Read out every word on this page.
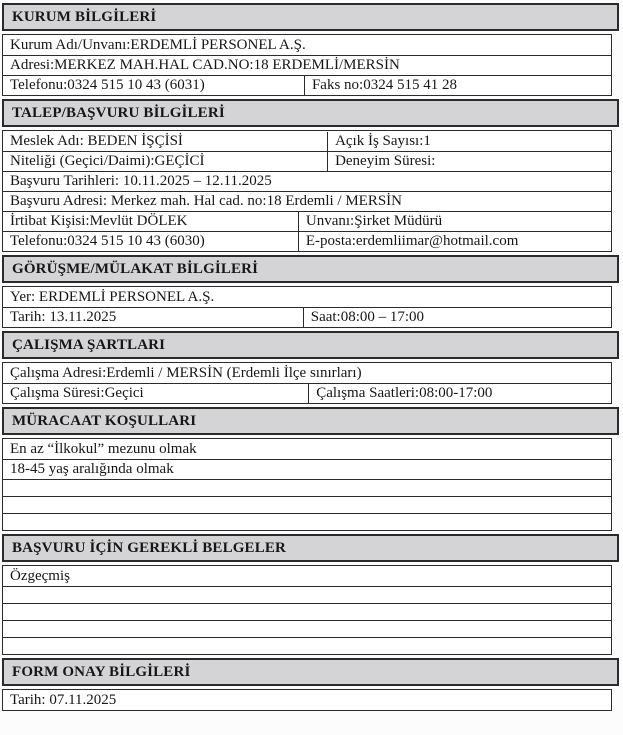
KURUM BİLGİLERİ
Kurum Adı/Unvanı:ERDEMLİ PERSONEL A.Ş.
Adresi:MERKEZ MAH.HAL CAD.NO:18 ERDEMLİ/MERSİN
Telefonu:0324 515 10 43 (6031)	Faks no:0324 515 41 28
TALEP/BAŞVURU BİLGİLERİ
Meslek Adı: BEDEN İŞÇİSİ	Açık İş Sayısı:1
Niteliği (Geçici/Daimi):GEÇİCİ	Deneyim Süresi:
Başvuru Tarihleri: 10.11.2025 – 12.11.2025
Başvuru Adresi: Merkez mah. Hal cad. no:18 Erdemli / MERSİN
İrtibat Kişisi:Mevlüt DÖLEK	Unvanı:Şirket Müdürü
Telefonu:0324 515 10 43 (6030)	E-posta:erdemliimar@hotmail.com
GÖRÜŞME/MÜLAKAT BİLGİLERİ
Yer: ERDEMLİ PERSONEL A.Ş.
Tarih: 13.11.2025	Saat:08:00 – 17:00
ÇALIŞMA ŞARTLARI
Çalışma Adresi:Erdemli / MERSİN (Erdemli İlçe sınırları)
Çalışma Süresi:Geçici	Çalışma Saatleri:08:00-17:00
MÜRACAAT KOŞULLARI
En az “İlkokul” mezunu olmak
18-45 yaş aralığında olmak
BAŞVURU İÇİN GEREKLİ BELGELER
Özgeçmiş
FORM ONAY BİLGİLERİ
Tarih: 07.11.2025
